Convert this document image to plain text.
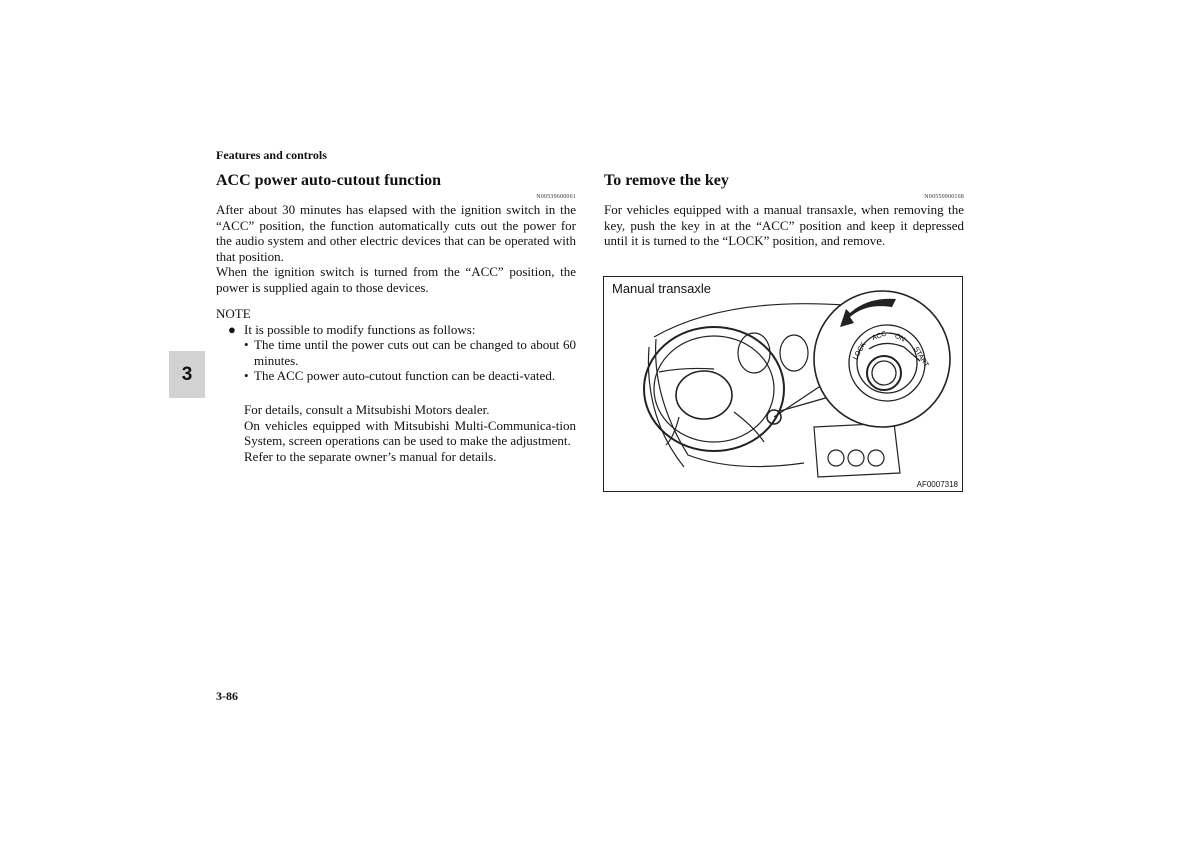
Features and controls
ACC power auto-cutout function
N00539600061

After about 30 minutes has elapsed with the ignition switch in the “ACC” position, the function automatically cuts out the power for the audio system and other electric devices that can be operated with that position.

When the ignition switch is turned from the “ACC” position, the power is supplied again to those devices.

NOTE
● It is possible to modify functions as follows:
• The time until the power cuts out can be changed to about 60 minutes.
• The ACC power auto-cutout function can be deacti-vated.

For details, consult a Mitsubishi Motors dealer.

On vehicles equipped with Mitsubishi Multi-Communica-tion System, screen operations can be used to make the adjustment.

Refer to the separate owner’s manual for details.

To remove the key
N00550900168
For vehicles equipped with a manual transaxle, when removing the key, push the key in at the “ACC” position and keep it depressed until it is turned to the “LOCK” position, and remove.
Manual transaxle
LOCK
ACC ON
START
AF0007318
3
3-86
